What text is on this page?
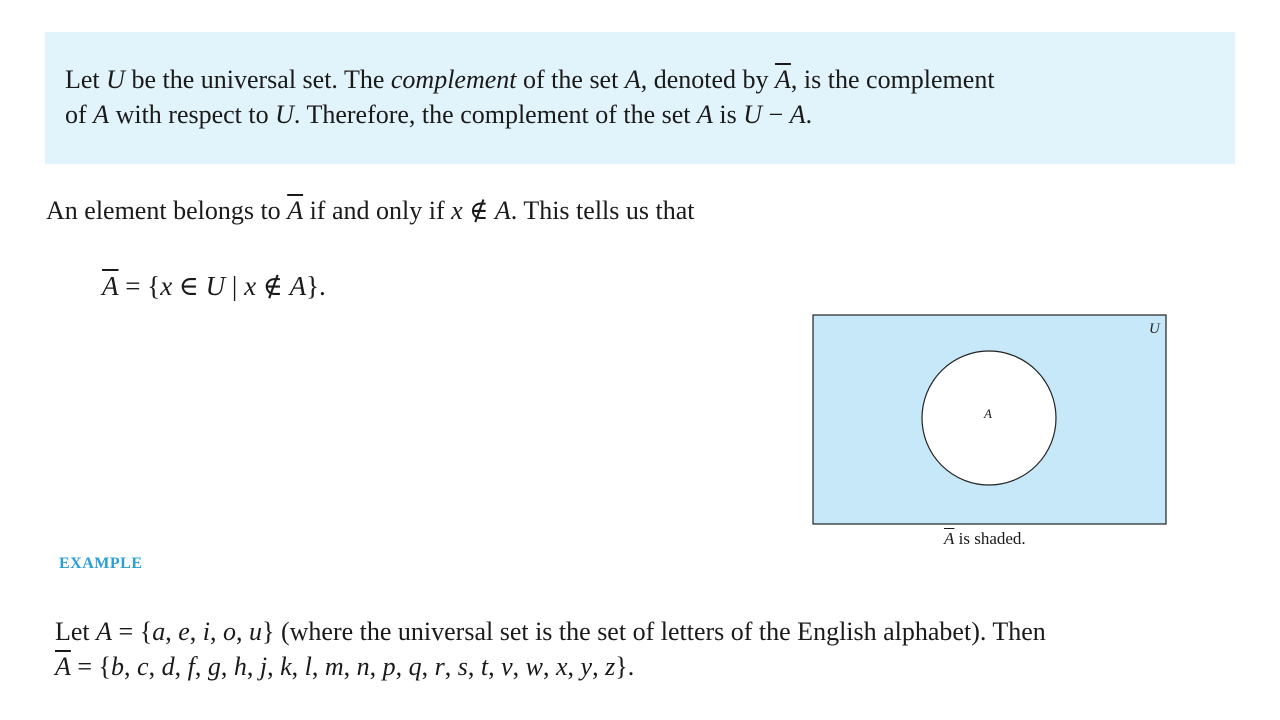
Let U be the universal set. The complement of the set A, denoted by $\overline{A}$, is the complement
of A with respect to U. Therefore, the complement of the set A is U − A.
An element belongs to $\overline{A}$ if and only if x ∉ A. This tells us that
$\overline{A} = \{x$ ∈ U | x ∉ A}.
U
A
$\overline{A}$ is shaded.
EXAMPLE
Let A = {a, e, i, o, u} (where the universal set is the set of letters of the English alphabet). Then
$\overline{A} = \{b$, c, d, f, g, h, j, k, l, m, n, p, q, r, s, t, v, w, x, y, z}.
